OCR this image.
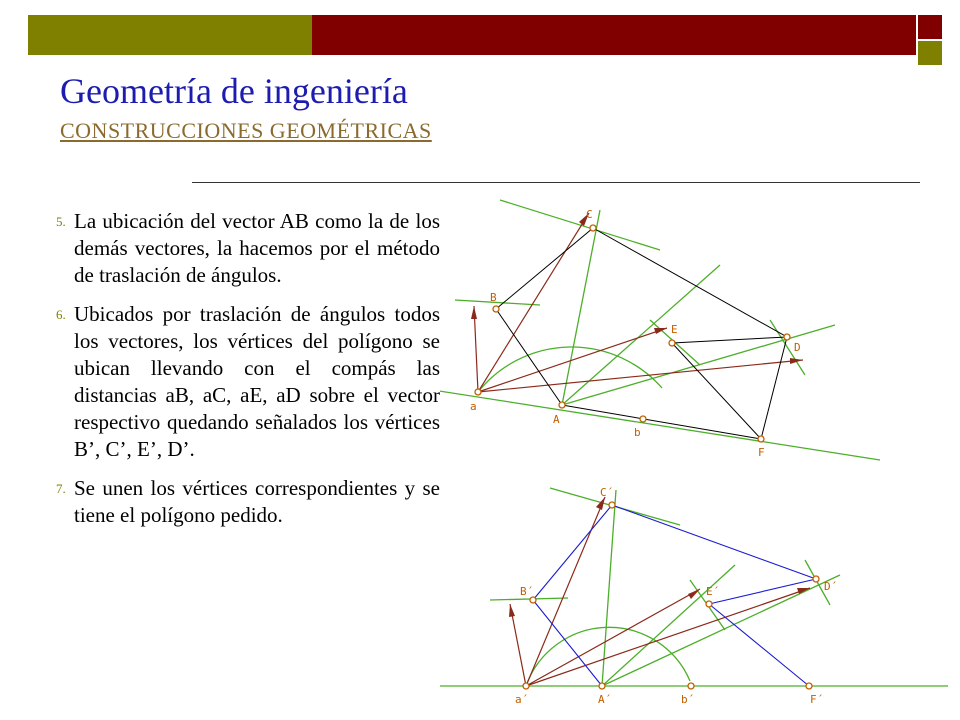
Geometría de ingeniería
CONSTRUCCIONES GEOMÉTRICAS
5. La ubicación del vector AB como la de los demás vectores, la hacemos por el método de traslación de ángulos.
6. Ubicados por traslación de ángulos todos los vectores, los vértices del polígono se ubican llevando con el compás las distancias aB, aC, aE, aD sobre el vector respectivo quedando señalados los vértices B’, C’, E’, D’.
7. Se unen los vértices correspondientes y se tiene el polígono pedido.
C
B
E
D
a
A
b
F
C´
B´	E´	D´
a´	A´	b´	F´
